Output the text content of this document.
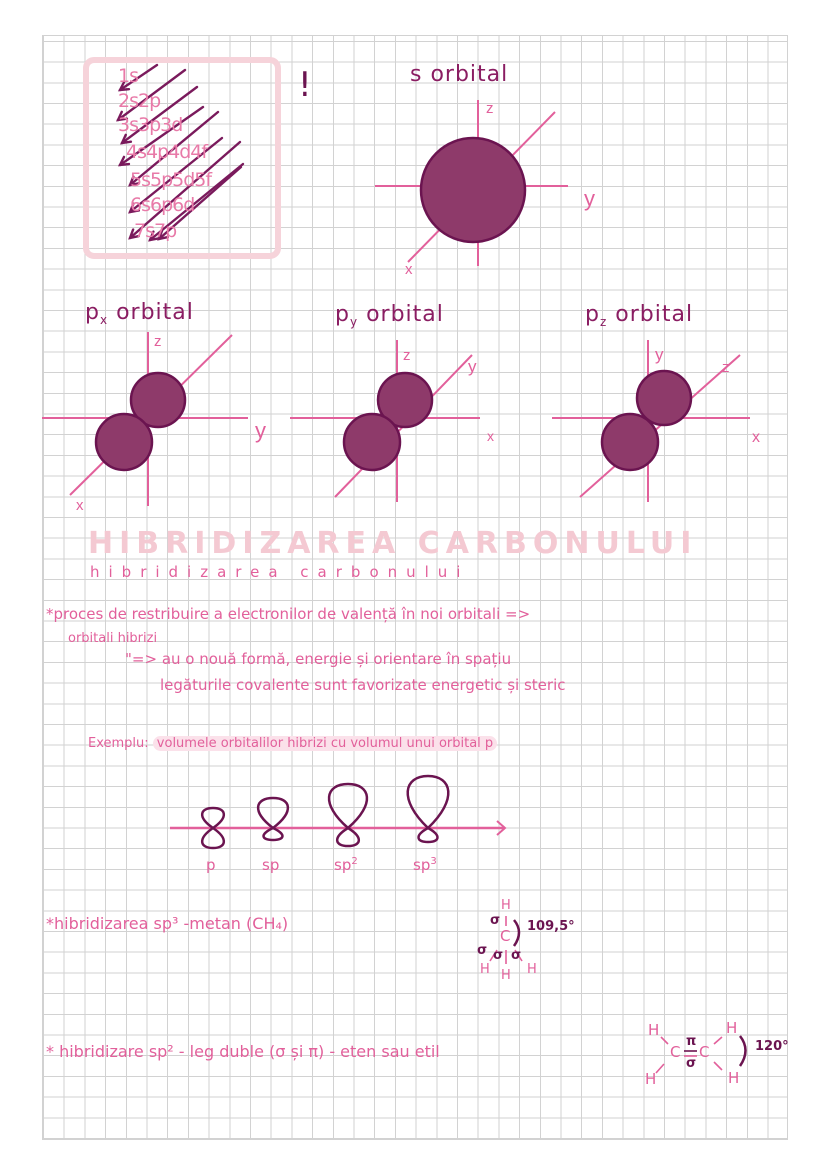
z
y
x
z
y
x
z
y
x
y
z
x
1s
2s2p
3s3p3d
4s4p4d4f
5s5p5d5f
6s6p6d
7s7p
!	s orbital
$p_x$ orbital	$p_y$ orbital	$p_z$ orbital
HIBRIDIZAREA CARBONULUI
hibridizarea carbonului
*proces de restribuire a electronilor de valență în noi orbitali =>
orbitali hibrizi
"=> au o nouă formă, energie și orientare în spațiu
legăturile covalente sunt favorizate energetic și steric
Exemplu: volumele orbitalilor hibrizi cu volumul unui orbital p
p	sp	$sp^2$	$sp^3$
*hibridizarea sp³ -metan (CH₄)
* hibridizare sp² - leg duble (σ și π) - eten sau etil
H
σ
C
109,5°
σ σ σ
H H H
H
C
π
σ
C
H
H
H
120°
